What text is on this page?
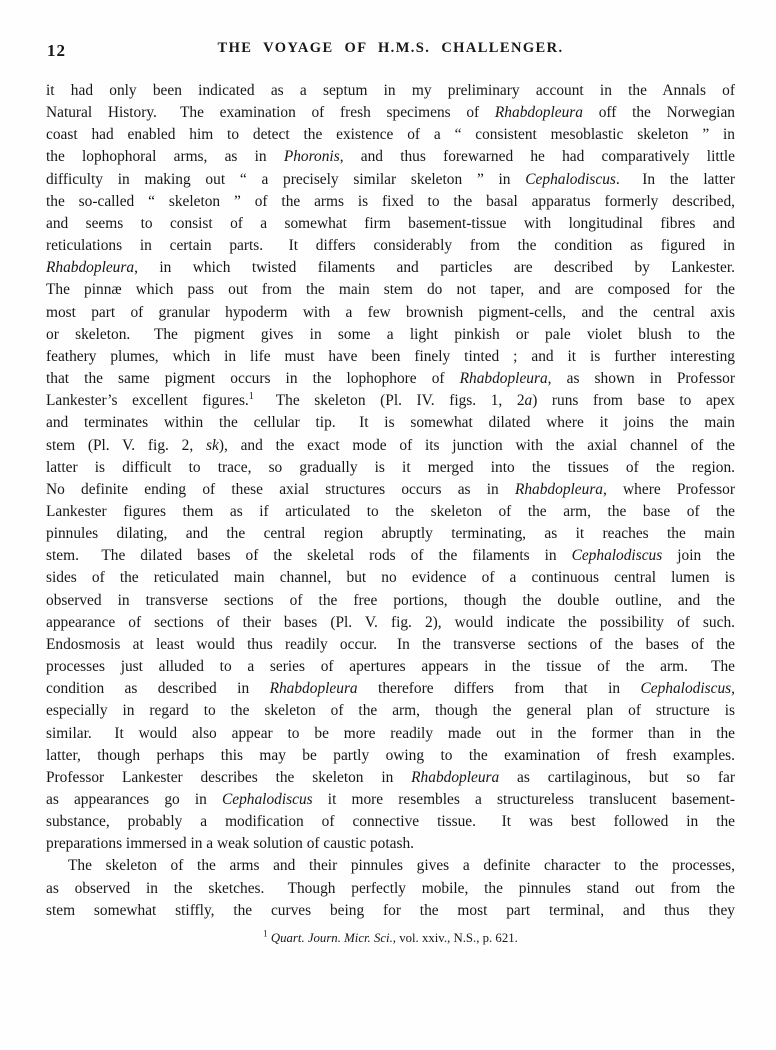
12	THE VOYAGE OF H.M.S. CHALLENGER.
it had only been indicated as a septum in my preliminary account in the Annals of
Natural History.  The examination of fresh specimens of Rhabdopleura off the Norwegian
coast had enabled him to detect the existence of a “ consistent mesoblastic skeleton ” in
the lophophoral arms, as in Phoronis, and thus forewarned he had comparatively little
difficulty in making out “ a precisely similar skeleton ” in Cephalodiscus.  In the latter
the so-called “ skeleton ” of the arms is fixed to the basal apparatus formerly described,
and seems to consist of a somewhat firm basement-tissue with longitudinal fibres and
reticulations in certain parts.  It differs considerably from the condition as figured in
Rhabdopleura, in which twisted filaments and particles are described by Lankester.
The pinnæ which pass out from the main stem do not taper, and are composed for the
most part of granular hypoderm with a few brownish pigment-cells, and the central axis
or skeleton.  The pigment gives in some a light pinkish or pale violet blush to the
feathery plumes, which in life must have been finely tinted ; and it is further interesting
that the same pigment occurs in the lophophore of Rhabdopleura, as shown in Professor
Lankester’s excellent figures.$^1$  The skeleton (Pl. IV. figs. 1, 2a) runs from base to apex
and terminates within the cellular tip.  It is somewhat dilated where it joins the main
stem (Pl. V. fig. 2, sk), and the exact mode of its junction with the axial channel of the
latter is difficult to trace, so gradually is it merged into the tissues of the region.
No definite ending of these axial structures occurs as in Rhabdopleura, where Professor
Lankester figures them as if articulated to the skeleton of the arm, the base of the
pinnules dilating, and the central region abruptly terminating, as it reaches the main
stem.  The dilated bases of the skeletal rods of the filaments in Cephalodiscus join the
sides of the reticulated main channel, but no evidence of a continuous central lumen is
observed in transverse sections of the free portions, though the double outline, and the
appearance of sections of their bases (Pl. V. fig. 2), would indicate the possibility of such.
Endosmosis at least would thus readily occur.  In the transverse sections of the bases of the
processes just alluded to a series of apertures appears in the tissue of the arm.  The
condition as described in Rhabdopleura therefore differs from that in Cephalodiscus,
especially in regard to the skeleton of the arm, though the general plan of structure is
similar.  It would also appear to be more readily made out in the former than in the
latter, though perhaps this may be partly owing to the examination of fresh examples.
Professor Lankester describes the skeleton in Rhabdopleura as cartilaginous, but so far
as appearances go in Cephalodiscus it more resembles a structureless translucent basement-
substance, probably a modification of connective tissue.  It was best followed in the
preparations immersed in a weak solution of caustic potash.
The skeleton of the arms and their pinnules gives a definite character to the processes,
as observed in the sketches.  Though perfectly mobile, the pinnules stand out from the
stem somewhat stiffly, the curves being for the most part terminal, and thus they
$^1$ Quart. Journ. Micr. Sci., vol. xxiv., N.S., p. 621.
